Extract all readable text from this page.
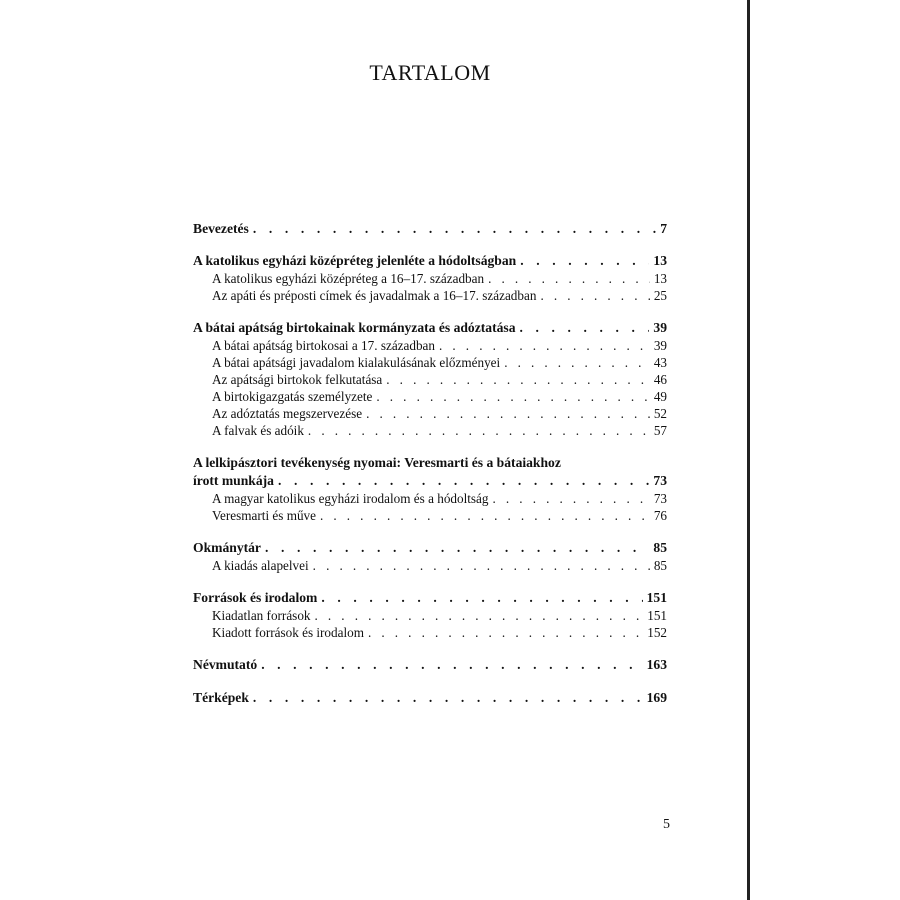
TARTALOM
Bevezetés . . .	7
A katolikus egyházi középréteg jelenléte a hódoltságban . . .	13
A katolikus egyházi középréteg a 16–17. században . . .	13
Az apáti és préposti címek és javadalmak a 16–17. században . . .	25
A bátai apátság birtokainak kormányzata és adóztatása . . .	39
A bátai apátság birtokosai a 17. században . . .	39
A bátai apátsági javadalom kialakulásának előzményei . . .	43
Az apátsági birtokok felkutatása . . .	46
A birtokigazgatás személyzete . . .	49
Az adóztatás megszervezése . . .	52
A falvak és adóik . . .	57
A lelkipásztori tevékenység nyomai: Veresmarti és a bátaiakhoz
írott munkája . . .	73
A magyar katolikus egyházi irodalom és a hódoltság . . .	73
Veresmarti és műve . . .	76
Okmánytár . . .	85
A kiadás alapelvei . . .	85
Források és irodalom . . .	151
Kiadatlan források . . .	151
Kiadott források és irodalom . . .	152
Névmutató . . .	163
Térképek . . .	169
5
